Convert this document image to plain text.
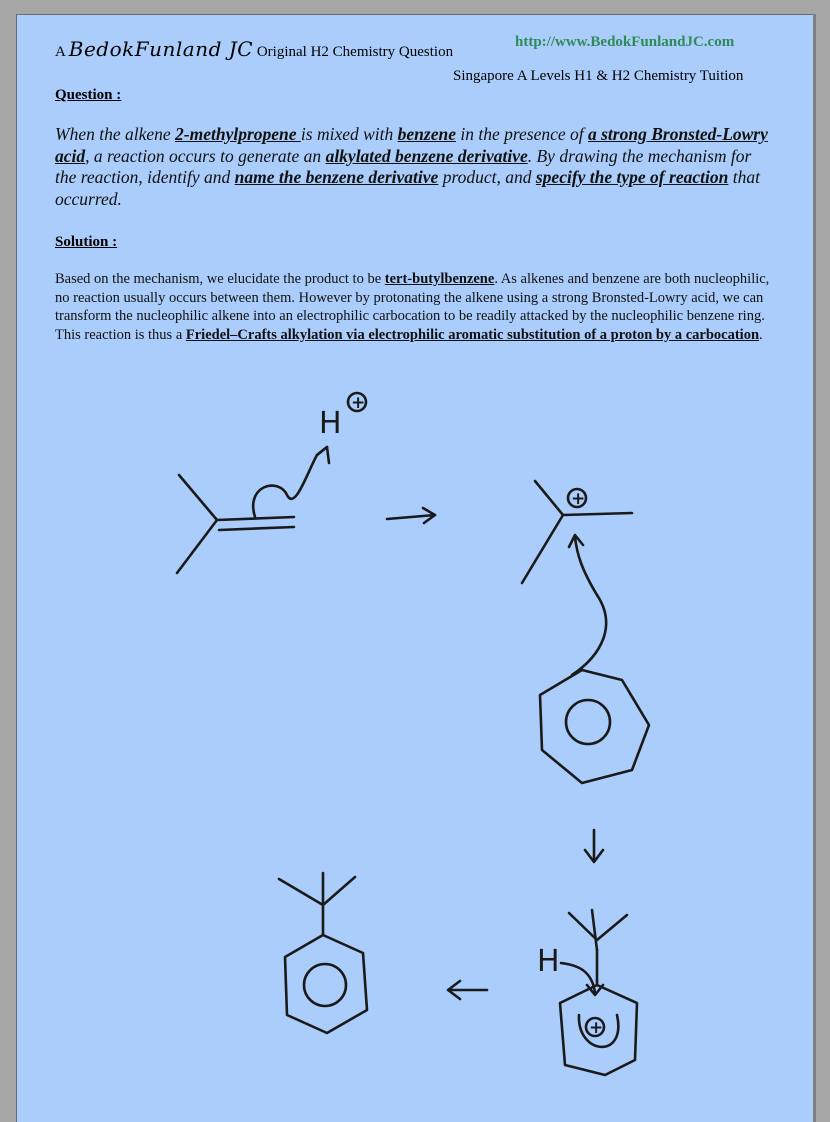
A BedokFunland JC Original H2 Chemistry Question
http://www.BedokFunlandJC.com
Singapore A Levels H1 & H2 Chemistry Tuition
Question :
When the alkene 2-methylpropene is mixed with benzene in the presence of a strong Bronsted-Lowry acid, a reaction occurs to generate an alkylated benzene derivative. By drawing the mechanism for the reaction, identify and name the benzene derivative product, and specify the type of reaction that occurred.
Solution :
Based on the mechanism, we elucidate the product to be tert-butylbenzene. As alkenes and benzene are both nucleophilic, no reaction usually occurs between them. However by protonating the alkene using a strong Bronsted-Lowry acid, we can transform the nucleophilic alkene into an electrophilic carbocation to be readily attacked by the nucleophilic benzene ring. This reaction is thus a Friedel–Crafts alkylation via electrophilic aromatic substitution of a proton by a carbocation.
H
+
+
H
+
